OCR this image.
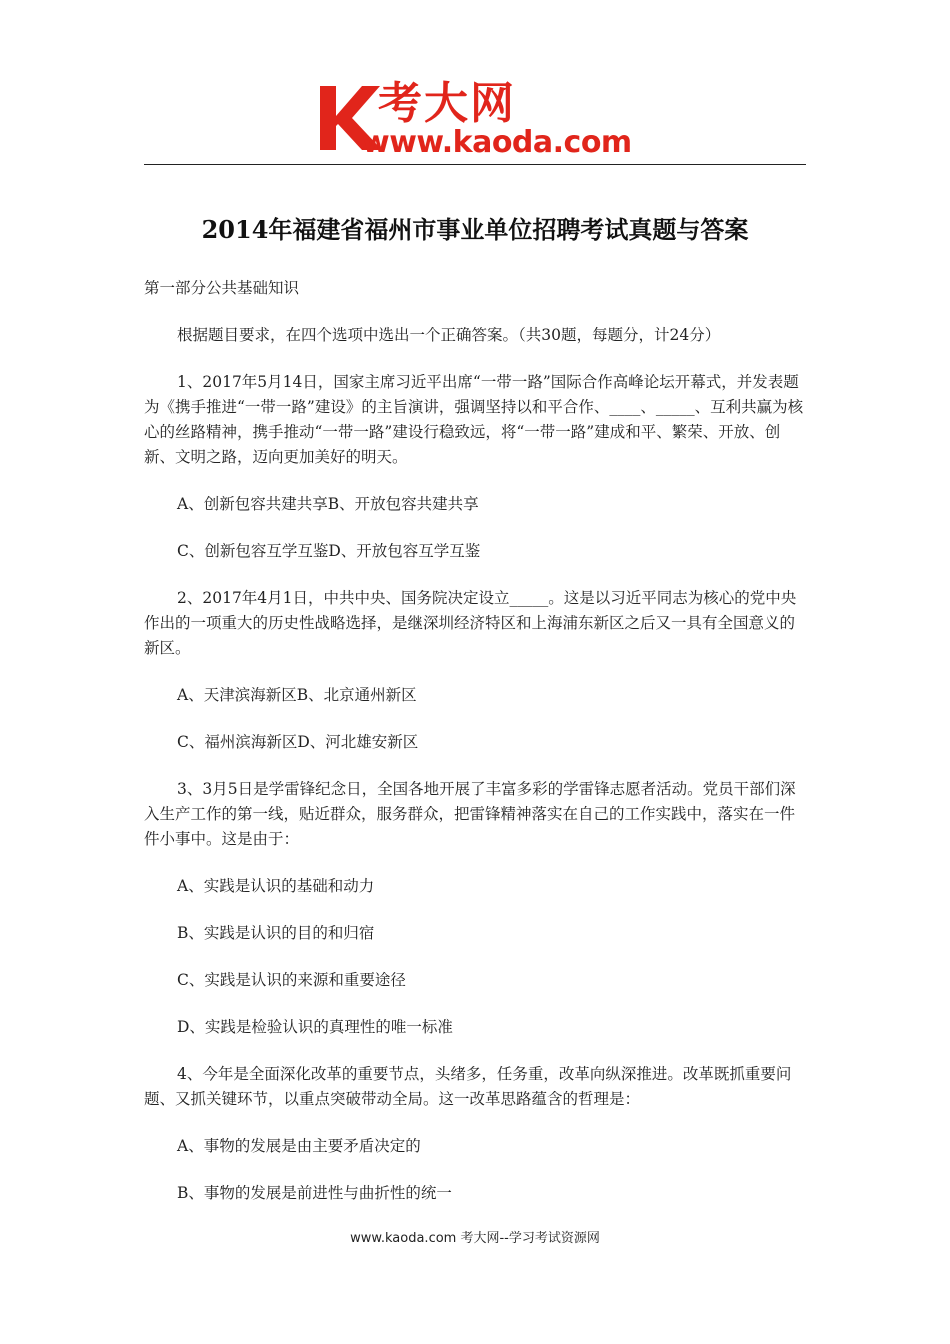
考大网
www.kaoda.com
2014年福建省福州市事业单位招聘考试真题与答案

第一部分公共基础知识

根据题目要求，在四个选项中选出一个正确答案。（共30题，每题分，计24分）

1、2017年5月14日，国家主席习近平出席“一带一路”国际合作高峰论坛开幕式，并发表题为《携手推进“一带一路”建设》的主旨演讲，强调坚持以和平合作、____、_____、互利共赢为核心的丝路精神，携手推动“一带一路”建设行稳致远，将“一带一路”建成和平、繁荣、开放、创新、文明之路，迈向更加美好的明天。

A、创新包容共建共享B、开放包容共建共享

C、创新包容互学互鉴D、开放包容互学互鉴

2、2017年4月1日，中共中央、国务院决定设立_____。这是以习近平同志为核心的党中央作出的一项重大的历史性战略选择，是继深圳经济特区和上海浦东新区之后又一具有全国意义的新区。

A、天津滨海新区B、北京通州新区

C、福州滨海新区D、河北雄安新区

3、3月5日是学雷锋纪念日，全国各地开展了丰富多彩的学雷锋志愿者活动。党员干部们深入生产工作的第一线，贴近群众，服务群众，把雷锋精神落实在自己的工作实践中，落实在一件件小事中。这是由于：

A、实践是认识的基础和动力

B、实践是认识的目的和归宿

C、实践是认识的来源和重要途径

D、实践是检验认识的真理性的唯一标准

4、今年是全面深化改革的重要节点，头绪多，任务重，改革向纵深推进。改革既抓重要问题、又抓关键环节，以重点突破带动全局。这一改革思路蕴含的哲理是：

A、事物的发展是由主要矛盾决定的

B、事物的发展是前进性与曲折性的统一

www.kaoda.com 考大网--学习考试资源网
